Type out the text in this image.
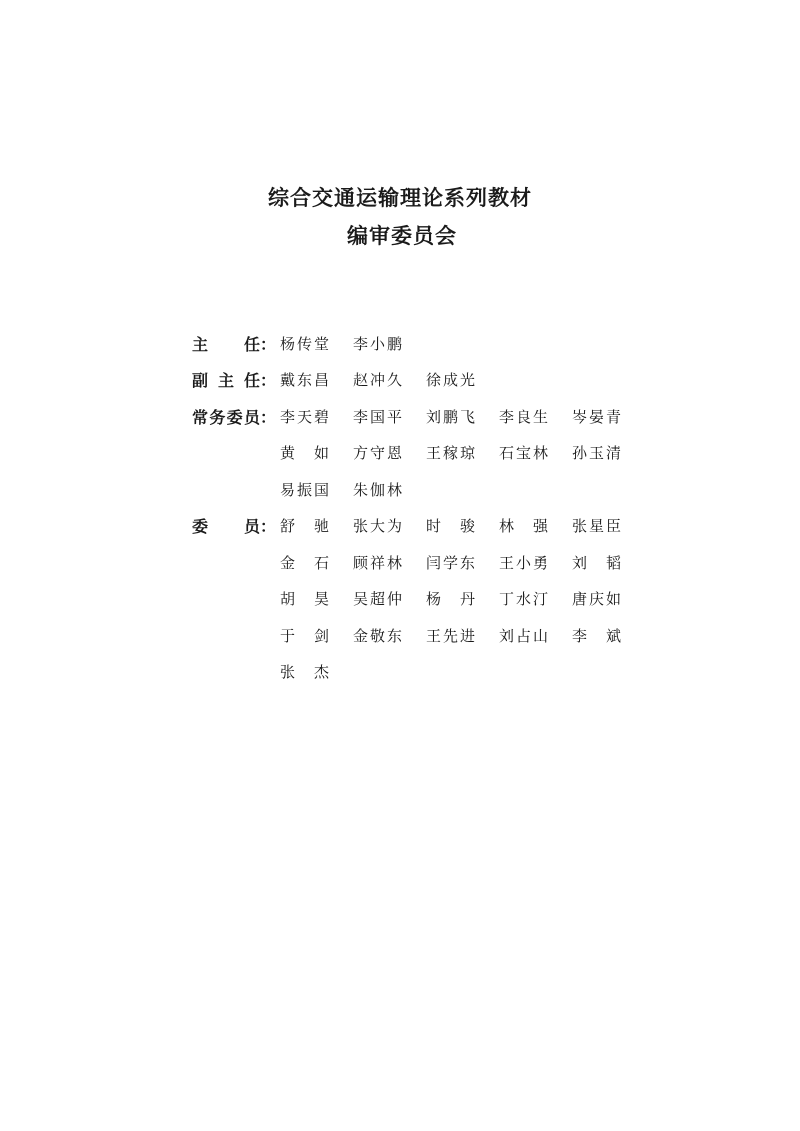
综合交通运输理论系列教材
编审委员会
主 任 ： 杨传堂	李小鹏
副 主 任 ： 戴东昌	赵冲久	徐成光
常 务 委 员 ： 李天碧	李国平	刘鹏飞	李良生	岑晏青
黄　如	方守恩	王稼琼	石宝林	孙玉清
易振国	朱伽林
委 员 ： 舒　驰	张大为	时　骏	林　强	张星臣
金　石	顾祥林	闫学东	王小勇	刘　韬
胡　昊	吴超仲	杨　丹	丁水汀	唐庆如
于　剑	金敬东	王先进	刘占山	李　斌
张　杰
